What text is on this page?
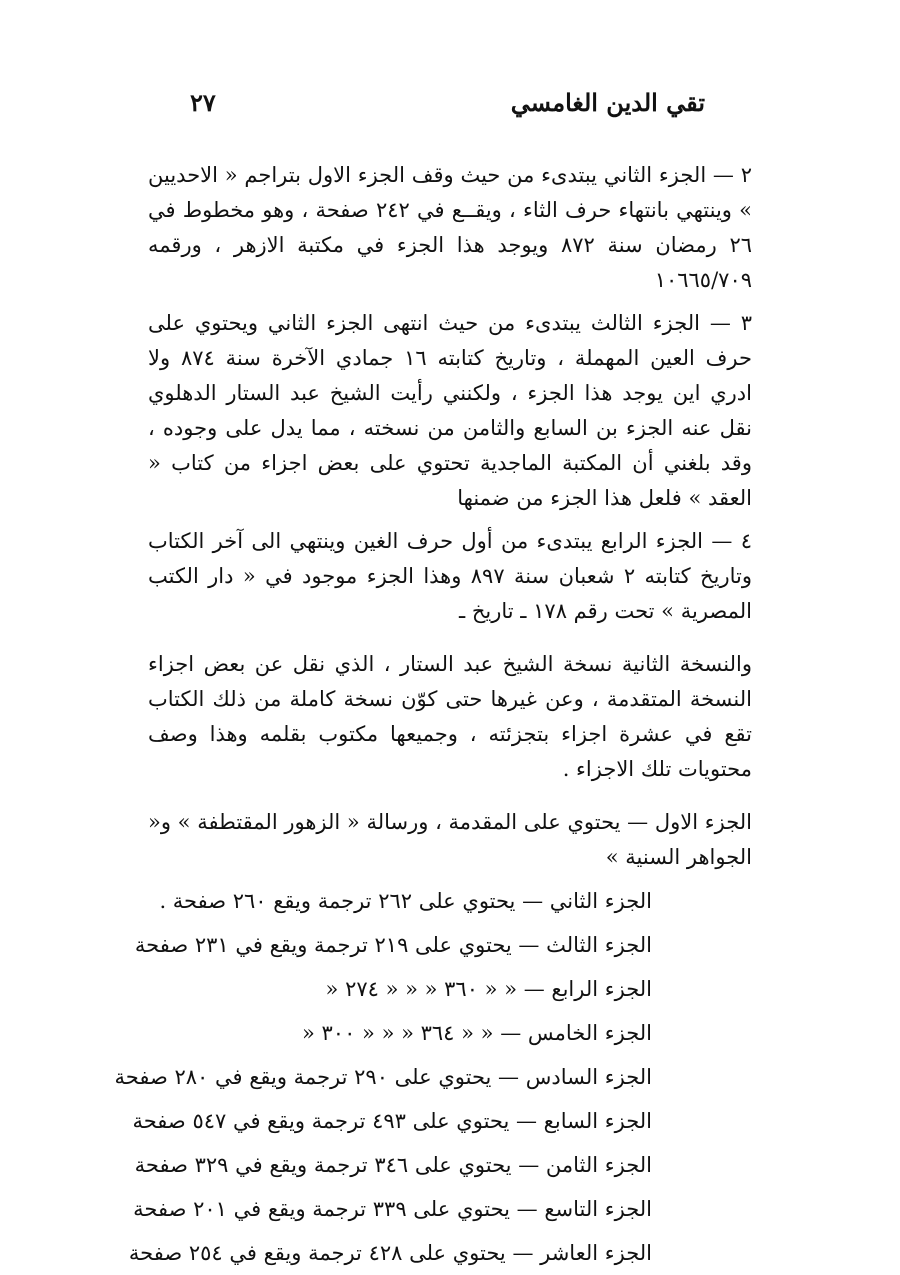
تقي الدين الغامسي
٢٧

٢ — الجزء الثاني يبتدىء من حيث وقف الجزء الاول بتراجم « الاحديين » وينتهي بانتهاء حرف الثاء ، ويقــع في ٢٤٢ صفحة ، وهو مخطوط في ٢٦ رمضان سنة ٨٧٢ ويوجد هذا الجزء في مكتبة الازهر ، ورقمه ١٠٦٦٥/٧٠٩

٣ — الجزء الثالث يبتدىء من حيث انتهى الجزء الثاني ويحتوي على حرف العين المهملة ، وتاريخ كتابته ١٦ جمادي الآخرة سنة ٨٧٤ ولا ادري اين يوجد هذا الجزء ، ولكنني رأيت الشيخ عبد الستار الدهلوي نقل عنه الجزء بن السابع والثامن من نسخته ، مما يدل على وجوده ، وقد بلغني أن المكتبة الماجدية تحتوي على بعض اجزاء من كتاب « العقد » فلعل هذا الجزء من ضمنها

٤ — الجزء الرابع يبتدىء من أول حرف الغين وينتهي الى آخر الكتاب وتاريخ كتابته ٢ شعبان سنة ٨٩٧ وهذا الجزء موجود في « دار الكتب المصرية » تحت رقم ١٧٨ ـ تاريخ ـ

والنسخة الثانية نسخة الشيخ عبد الستار ، الذي نقل عن بعض اجزاء النسخة المتقدمة ، وعن غيرها حتى كوّن نسخة كاملة من ذلك الكتاب تقع في عشرة اجزاء بتجزئته ، وجميعها مكتوب بقلمه وهذا وصف محتويات تلك الاجزاء .

الجزء الاول — يحتوي على المقدمة ، ورسالة « الزهور المقتطفة » و« الجواهر السنية »

الجزء الثاني — يحتوي على ٢٦٢ ترجمة ويقع ٢٦٠ صفحة .
الجزء الثالث — يحتوي على ٢١٩ ترجمة ويقع في ٢٣١ صفحة
الجزء الرابع — « « ٣٦٠ « « « ٢٧٤ «
الجزء الخامس — « « ٣٦٤ « « « ٣٠٠ «
الجزء السادس — يحتوي على ٢٩٠ ترجمة ويقع في ٢٨٠ صفحة
الجزء السابع — يحتوي على ٤٩٣ ترجمة ويقع في ٥٤٧ صفحة
الجزء الثامن — يحتوي على ٣٤٦ ترجمة ويقع في ٣٢٩ صفحة
الجزء التاسع — يحتوي على ٣٣٩ ترجمة ويقع في ٢٠١ صفحة
الجزء العاشر — يحتوي على ٤٢٨ ترجمة ويقع في ٢٥٤ صفحة
